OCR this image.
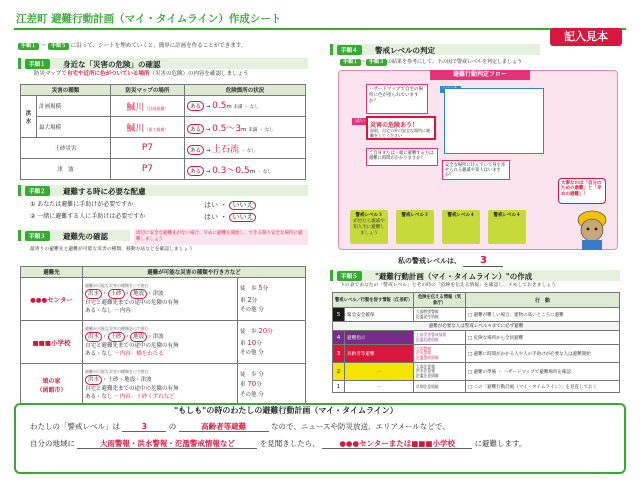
江差町 避難行動計画（マイ・タイムライン）作成シート
記入見本
手順１ ～ 手順５ に沿って、シートを埋めていくと、簡単に計画を作ることができます。
手順１	身近な「災害の危険」の確認
防災マップで自宅や近所に色がついている場所（災害の危険）の内容を確認しましょう
災害の種類		防災マップの場所	危険箇所の状況
洪　水	計画規模	鰔川（計画規模）	ある → 0.5m 未満 ・ なし
	最大規模	鰔川（最大規模）	ある → 0.5～3m 未満 ・ なし
土砂災害		P7	ある → 土石流 ・ なし
津　波		P7	ある → 0.3～0.5m ・ なし
手順２	避難する時に必要な配慮
① あなたは避難に手助けが必要ですか	はい ・ いいえ
② 一緒に避難する人に手助けは必要ですか	はい ・ いいえ
手順３	避難先の確認	周辺に安全な避難先がない場合、早めに避難を開始し、できる限り安全な場所に避難しましょう
最寄りの避難先と避難が可能な災害の種類、移動方法などを確認しましょう
避難先	避難が可能な災害の種類や行き方など	
●●●センター	避難が可能な災害の種類を○で囲む
洪水 ・ 土砂 ・ 地震 ・津波
自宅と避難先までの途中の危険の有無
ある・なし －内容：	徒　歩 5分
車 2分
その他 分
■■■小学校	避難が可能な災害の種類を○で囲む
洪水 ・ 土砂 ・ 地震 ・津波
自宅と避難先までの途中の危険の有無
ある・なし －内容：橋をわたる	徒　歩 20分
車 10分
その他 分
娘の家
（函館市）	避難が可能な災害の種類を○で囲む
洪水 ・土砂・地震・津波
自宅と避難先までの途中の危険の有無
ある・なし －内容：土砂くずれなど	徒　歩 分
車 70分
その他 分
手順４	警戒レベルの判定
手順１ ～ 手順３ の結果を参考にして、下の図で警戒レベルを判定しましょう
避難行動判定フロー
ハザードマップで自宅の場所に色が塗られていますか？
はい
災害の危険あり！
原則、自宅の外の安全な場所に避難をしてください
ご自身または一緒に避難する方は避難に時間がかかりますか？
安全な場所に住んでいて身を寄せられる親戚や知人はいますか？
警戒レベル３
が出たら親戚や知人宅に避難しましょう
警戒レベル３	警戒レベル４	警戒レベル４
大事なのは「自分のための避難」と「早めの避難」！
私の警戒レベルは、 3
手順５	"避難行動計画（マイ・タイムライン）"の作成
下の表であなたの「警戒レベル」とその時の「危険を伝える情報」を確認し、メモしておきましょう
警戒レベル／行動を促す情報（江差町）		危険を伝える情報（気象庁）	行　動
5	緊急安全確保	大雨特別警報
氾濫発生情報	□ 避難が難しい場合、建物の高いところに避難
避難が必要な人は警戒レベル４までに必ず避難			
4	避難指示	土砂災害警戒情報
氾濫危険情報	□ 危険な場所から全員避難
3	高齢者等避難	大雨警報
洪水警報
氾濫警戒情報	□ 避難に時間がかかる人や人の手助けが必要な人は避難開始
2	－	大雨注意報
洪水注意報
氾濫注意情報	□ 避難の準備 ・ ハザードマップで避難場所を確認
1	－	早期注意情報	□ この「避難行動計画（マイ・タイムライン）」を見直しておく
"もしも"の時のわたしの避難行動計画（マイ・タイムライン）
わたしの「警戒レベル」は	3	の	高齢者等避難	なので、ニュースや防災放送、エリアメールなどで、
自分の地域に	大雨警報・洪水警報・氾濫警戒情報など	を見聞きしたら、	●●●センターまたは■■■小学校	に避難します。
